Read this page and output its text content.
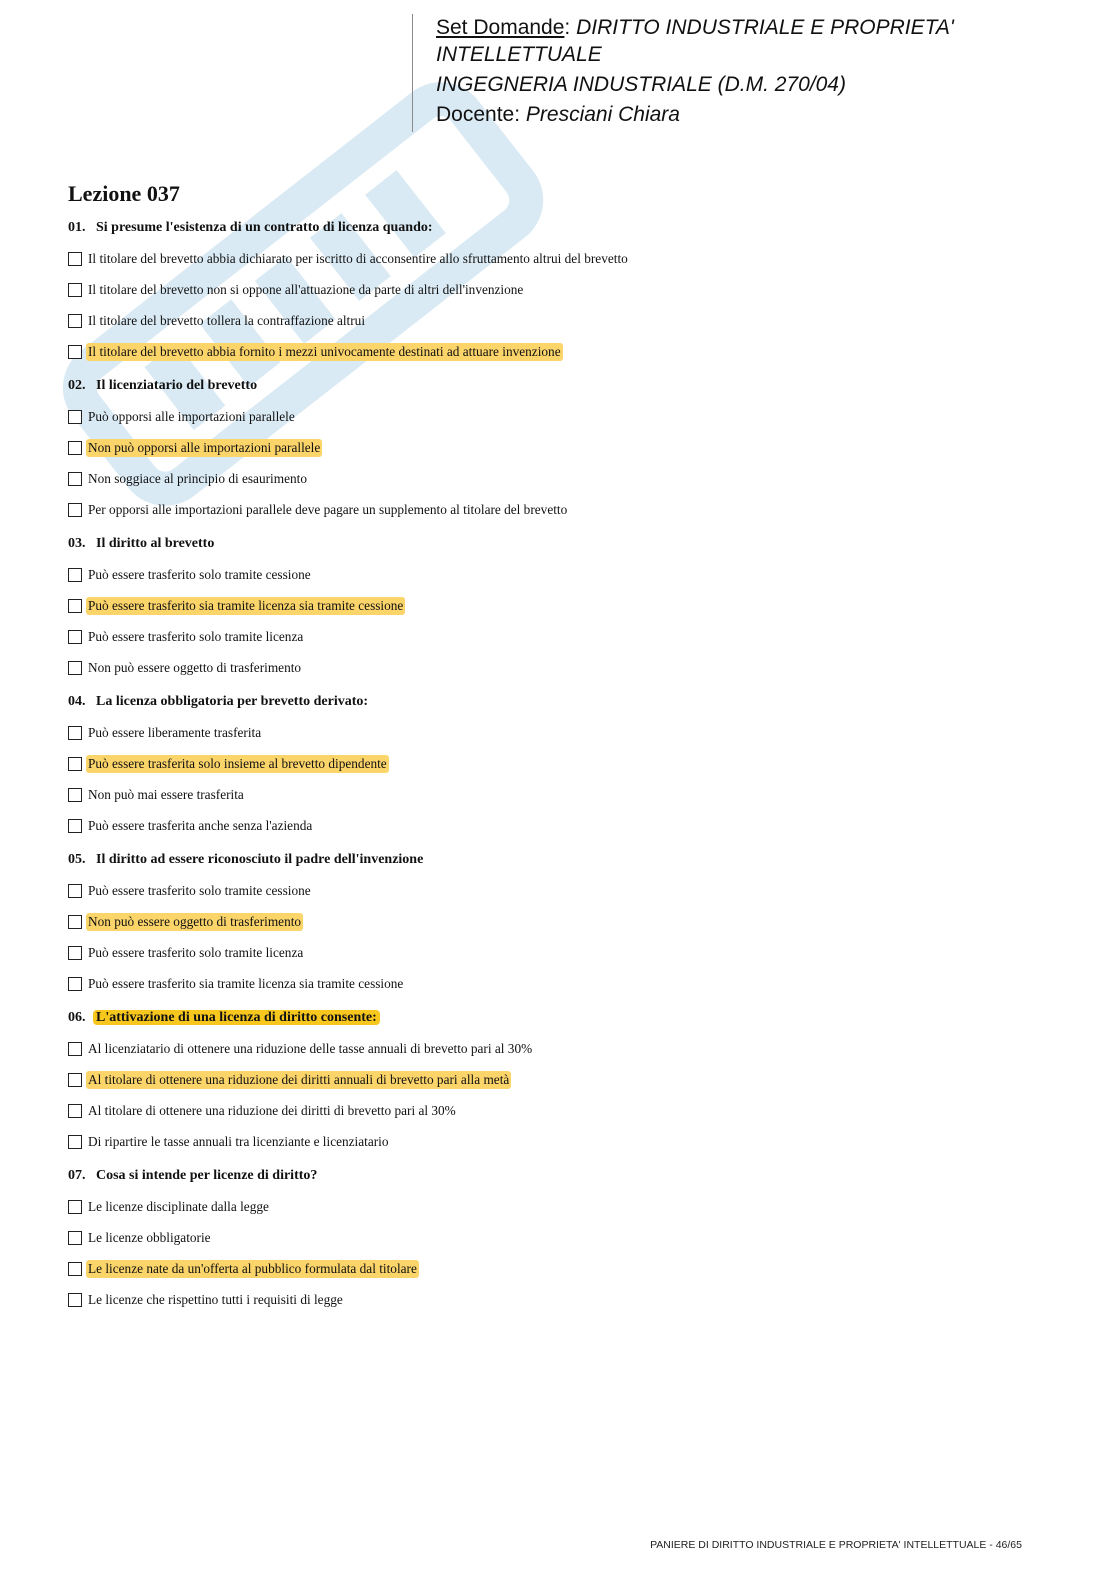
Set Domande: DIRITTO INDUSTRIALE E PROPRIETA'
INTELLETTUALE
INGEGNERIA INDUSTRIALE (D.M. 270/04)
Docente: Presciani Chiara
Lezione 037
01. Si presume l'esistenza di un contratto di licenza quando:
Il titolare del brevetto abbia dichiarato per iscritto di acconsentire allo sfruttamento altrui del brevetto
Il titolare del brevetto non si oppone all'attuazione da parte di altri dell'invenzione
Il titolare del brevetto tollera la contraffazione altrui
Il titolare del brevetto abbia fornito i mezzi univocamente destinati ad attuare invenzione
02. Il licenziatario del brevetto
Può opporsi alle importazioni parallele
Non può opporsi alle importazioni parallele
Non soggiace al principio di esaurimento
Per opporsi alle importazioni parallele deve pagare un supplemento al titolare del brevetto
03. Il diritto al brevetto
Può essere trasferito solo tramite cessione
Può essere trasferito sia tramite licenza sia tramite cessione
Può essere trasferito solo tramite licenza
Non può essere oggetto di trasferimento
04. La licenza obbligatoria per brevetto derivato:
Può essere liberamente trasferita
Può essere trasferita solo insieme al brevetto dipendente
Non può mai essere trasferita
Può essere trasferita anche senza l'azienda
05. Il diritto ad essere riconosciuto il padre dell'invenzione
Può essere trasferito solo tramite cessione
Non può essere oggetto di trasferimento
Può essere trasferito solo tramite licenza
Può essere trasferito sia tramite licenza sia tramite cessione
06. L'attivazione di una licenza di diritto consente:
Al licenziatario di ottenere una riduzione delle tasse annuali di brevetto pari al 30%
Al titolare di ottenere una riduzione dei diritti annuali di brevetto pari alla metà
Al titolare di ottenere una riduzione dei diritti di brevetto pari al 30%
Di ripartire le tasse annuali tra licenziante e licenziatario
07. Cosa si intende per licenze di diritto?
Le licenze disciplinate dalla legge
Le licenze obbligatorie
Le licenze nate da un'offerta al pubblico formulata dal titolare
Le licenze che rispettino tutti i requisiti di legge
PANIERE DI DIRITTO INDUSTRIALE E PROPRIETA' INTELLETTUALE - 46/65
